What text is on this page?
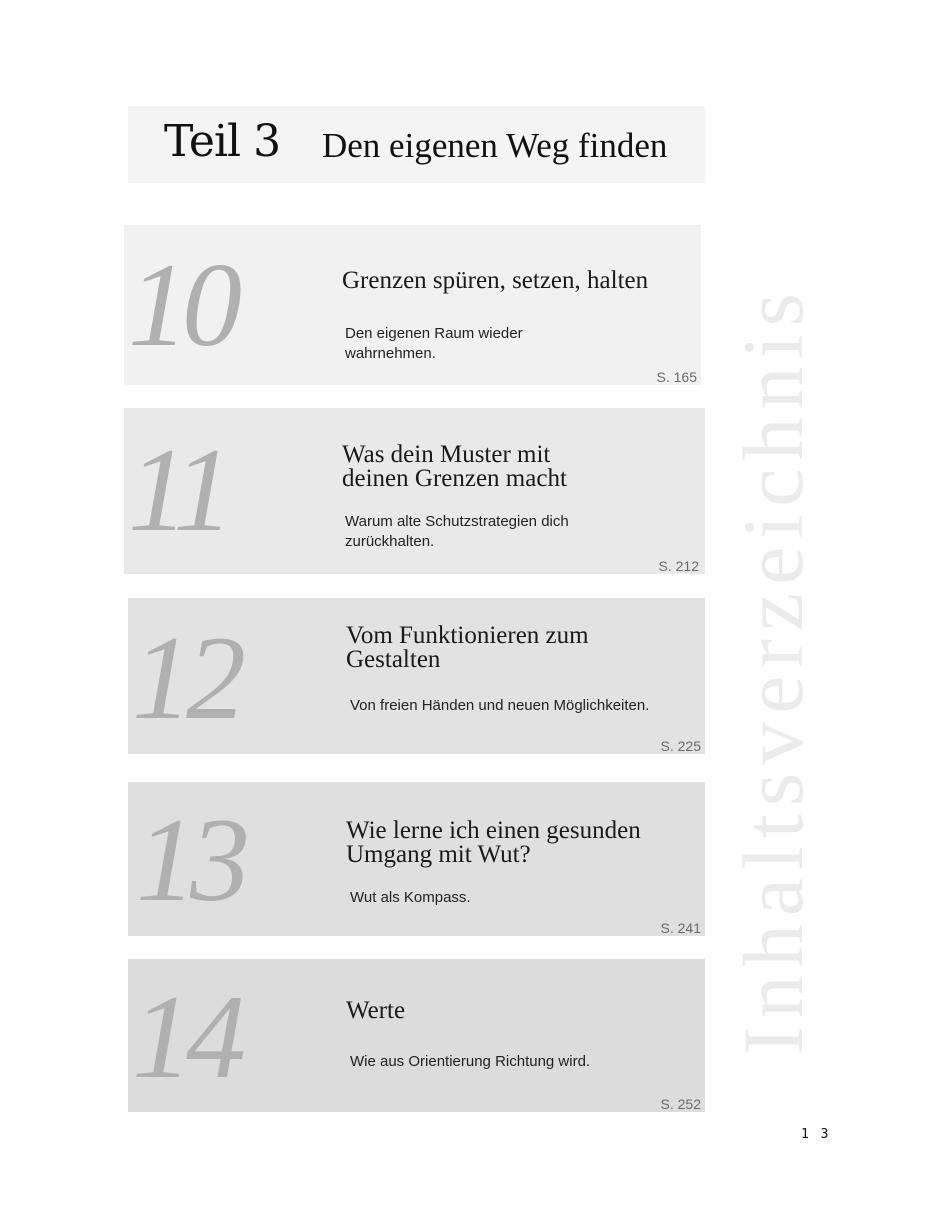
Teil 3 Den eigenen Weg finden
10	Grenzen spüren, setzen, halten
Den eigenen Raum wieder wahrnehmen.
S. 165
11	Was dein Muster mit deinen Grenzen macht
Warum alte Schutzstrategien dich zurückhalten.
S. 212
12	Vom Funktionieren zum Gestalten
Von freien Händen und neuen Möglichkeiten.
S. 225
13	Wie lerne ich einen gesunden Umgang mit Wut?
Wut als Kompass.
S. 241
14	Werte
Wie aus Orientierung Richtung wird.
S. 252
Inhaltsverzeichnis
1 3
